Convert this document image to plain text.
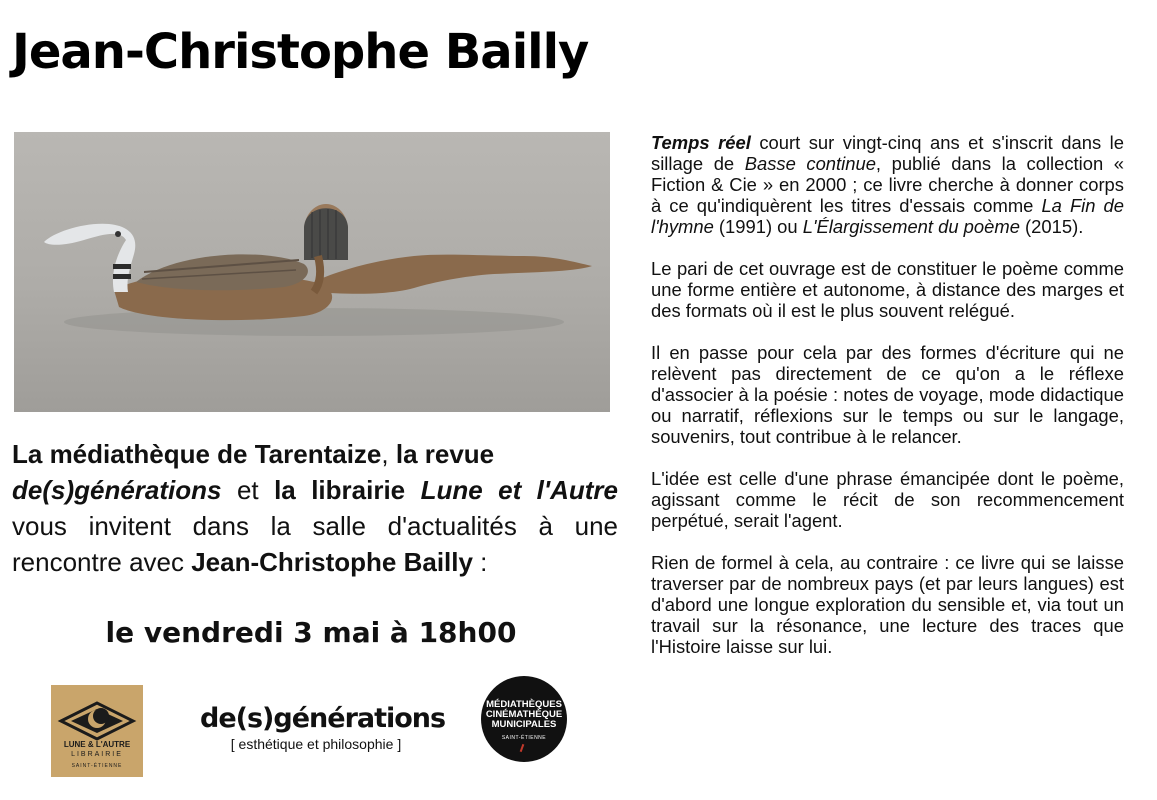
Jean-Christophe Bailly

La médiathèque de Tarentaize, la revue
de(s)générations et la librairie Lune et l'Autre vous invitent dans la salle d'actualités à une rencontre avec Jean-Christophe Bailly :

le vendredi 3 mai à 18h00

LUNE & L'AUTRE
LIBRAIRIE
SAINT-ÉTIENNE
de(s)générations
[ esthétique et philosophie ]
MÉDIATHÈQUES
CINÉMATHÈQUE
MUNICIPALES
SAINT-ÉTIENNE

Temps réel court sur vingt-cinq ans et s'inscrit dans le sillage de Basse continue, publié dans la collection « Fiction & Cie » en 2000 ; ce livre cherche à donner corps à ce qu'indiquèrent les titres d'essais comme La Fin de l'hymne (1991) ou L'Élargissement du poème (2015).

Le pari de cet ouvrage est de constituer le poème comme une forme entière et autonome, à distance des marges et des formats où il est le plus souvent relégué.

Il en passe pour cela par des formes d'écriture qui ne relèvent pas directement de ce qu'on a le réflexe d'associer à la poésie : notes de voyage, mode didactique ou narratif, réflexions sur le temps ou sur le langage, souvenirs, tout contribue à le relancer.

L'idée est celle d'une phrase émancipée dont le poème, agissant comme le récit de son recommencement perpétué, serait l'agent.

Rien de formel à cela, au contraire : ce livre qui se laisse traverser par de nombreux pays (et par leurs langues) est d'abord une longue exploration du sensible et, via tout un travail sur la résonance, une lecture des traces que l'Histoire laisse sur lui.
